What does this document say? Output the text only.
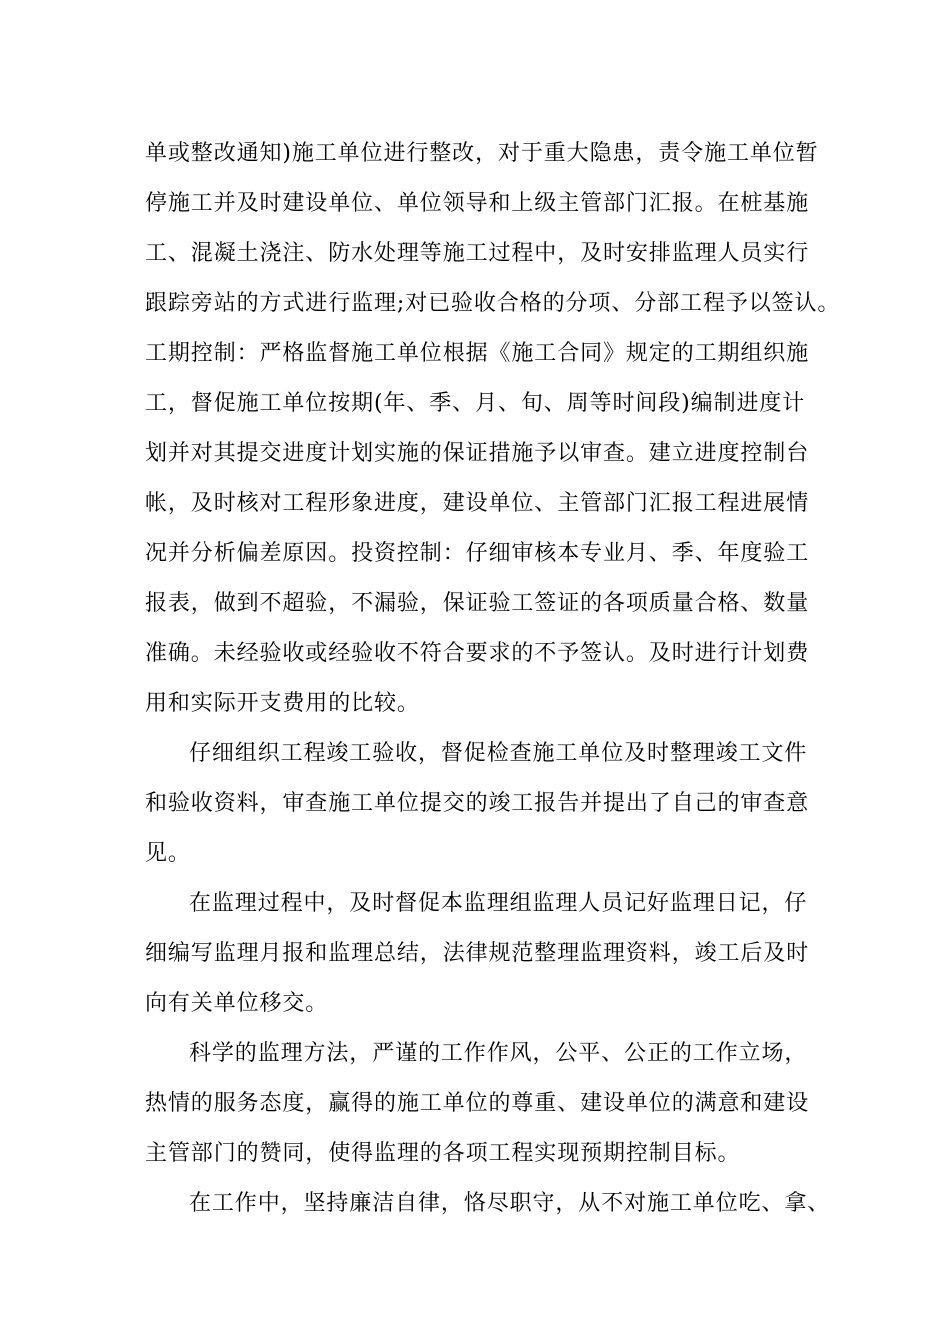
单或整改通知)施工单位进行整改，对于重大隐患，责令施工单位暂
停施工并及时建设单位、单位领导和上级主管部门汇报。在桩基施
工、混凝土浇注、防水处理等施工过程中，及时安排监理人员实行
跟踪旁站的方式进行监理;对已验收合格的分项、分部工程予以签认。
工期控制：严格监督施工单位根据《施工合同》规定的工期组织施
工，督促施工单位按期(年、季、月、旬、周等时间段)编制进度计
划并对其提交进度计划实施的保证措施予以审查。建立进度控制台
帐，及时核对工程形象进度，建设单位、主管部门汇报工程进展情
况并分析偏差原因。投资控制：仔细审核本专业月、季、年度验工
报表，做到不超验，不漏验，保证验工签证的各项质量合格、数量
准确。未经验收或经验收不符合要求的不予签认。及时进行计划费
用和实际开支费用的比较。
仔细组织工程竣工验收，督促检查施工单位及时整理竣工文件
和验收资料，审查施工单位提交的竣工报告并提出了自己的审查意
见。
在监理过程中，及时督促本监理组监理人员记好监理日记，仔
细编写监理月报和监理总结，法律规范整理监理资料，竣工后及时
向有关单位移交。
科学的监理方法，严谨的工作作风，公平、公正的工作立场，
热情的服务态度，赢得的施工单位的尊重、建设单位的满意和建设
主管部门的赞同，使得监理的各项工程实现预期控制目标。
在工作中，坚持廉洁自律，恪尽职守，从不对施工单位吃、拿、
